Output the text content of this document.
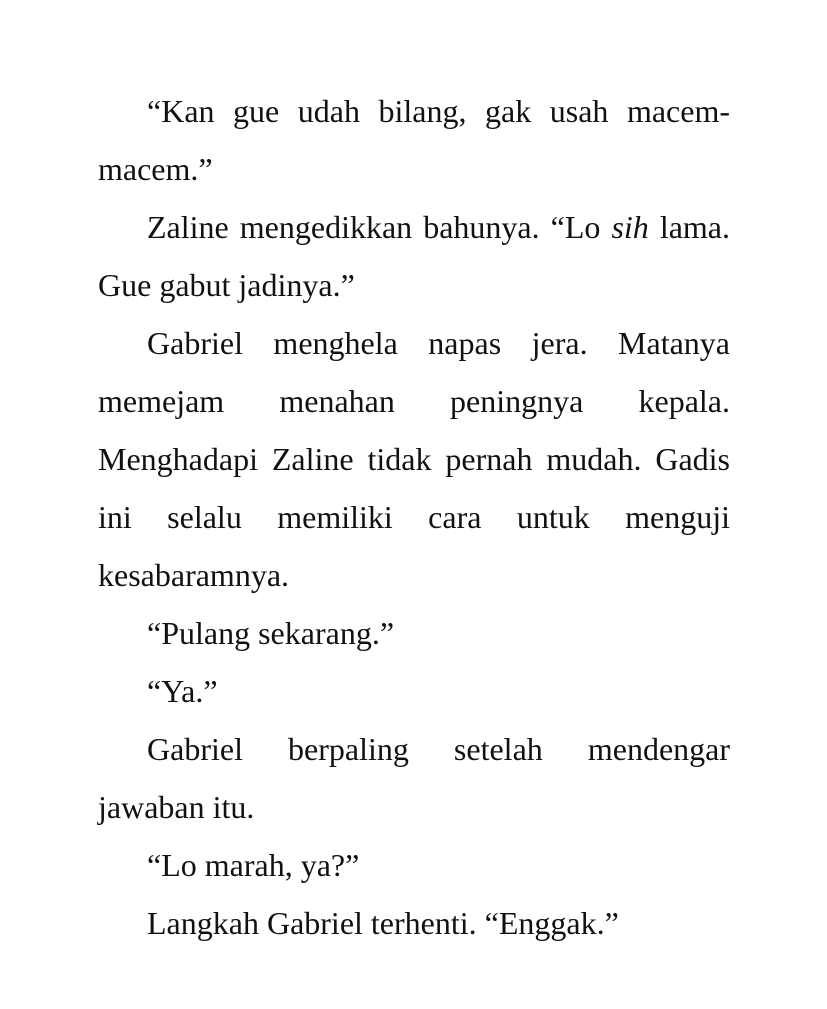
“Kan gue udah bilang, gak usah macem-macem.”

Zaline mengedikkan bahunya. “Lo sih lama. Gue gabut jadinya.”

Gabriel menghela napas jera. Matanya memejam menahan peningnya kepala. Menghadapi Zaline tidak pernah mudah. Gadis ini selalu memiliki cara untuk menguji kesabaramnya.

“Pulang sekarang.”

“Ya.”

Gabriel berpaling setelah mendengar jawaban itu.

“Lo marah, ya?”

Langkah Gabriel terhenti. “Enggak.”
